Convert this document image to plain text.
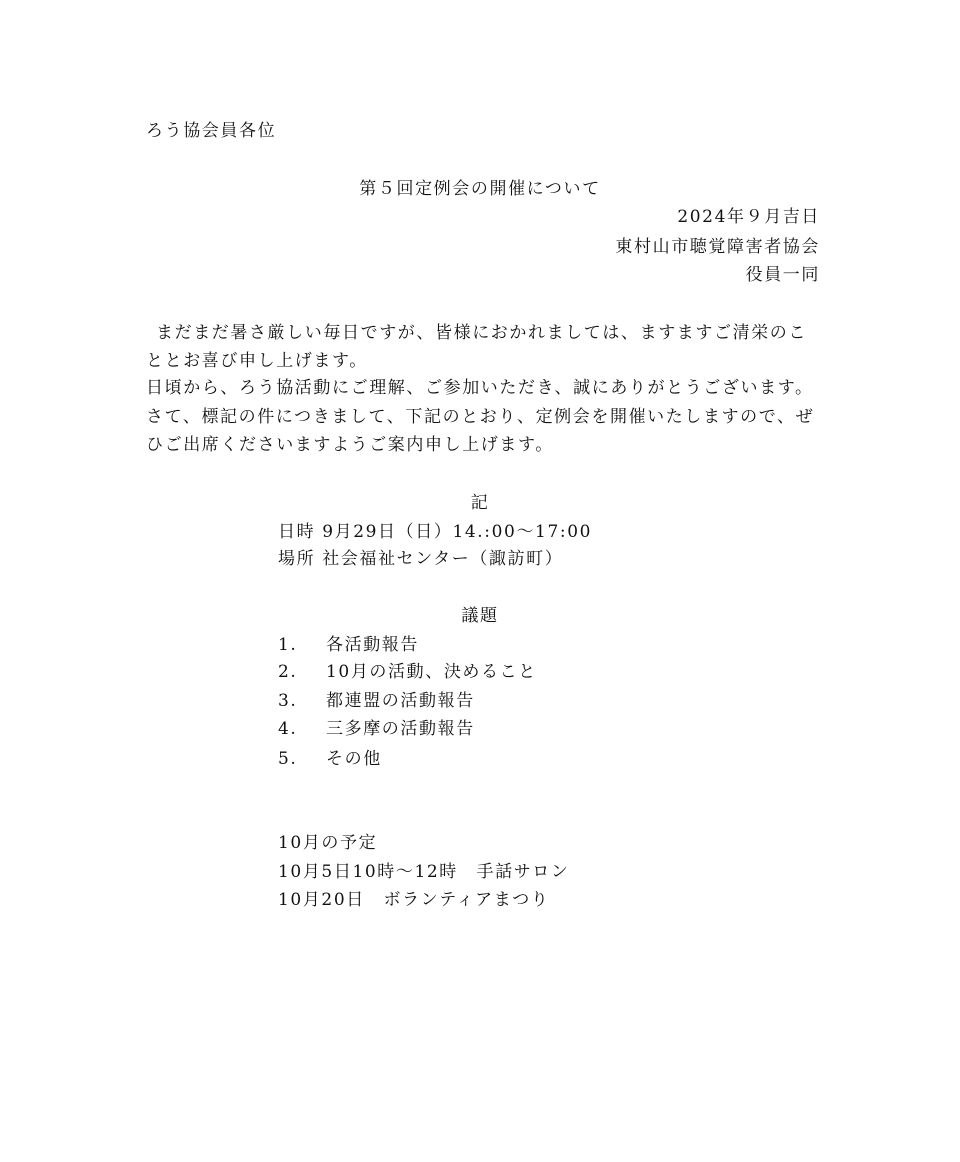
ろう協会員各位
第５回定例会の開催について
2024年９月吉日
東村山市聴覚障害者協会
役員一同
まだまだ暑さ厳しい毎日ですが、皆様におかれましては、ますますご清栄のこ
ととお喜び申し上げます。
日頃から、ろう協活動にご理解、ご参加いただき、誠にありがとうございます。
さて、標記の件につきまして、下記のとおり、定例会を開催いたしますので、ぜ
ひご出席くださいますようご案内申し上げます。
記
日時 9月29日（日）14.:00～17:00
場所 社会福祉センター（諏訪町）
議題
1. 各活動報告
2. 10月の活動、決めること
3. 都連盟の活動報告
4. 三多摩の活動報告
5. その他
10月の予定
10月5日10時～12時　手話サロン
10月20日　ボランティアまつり
